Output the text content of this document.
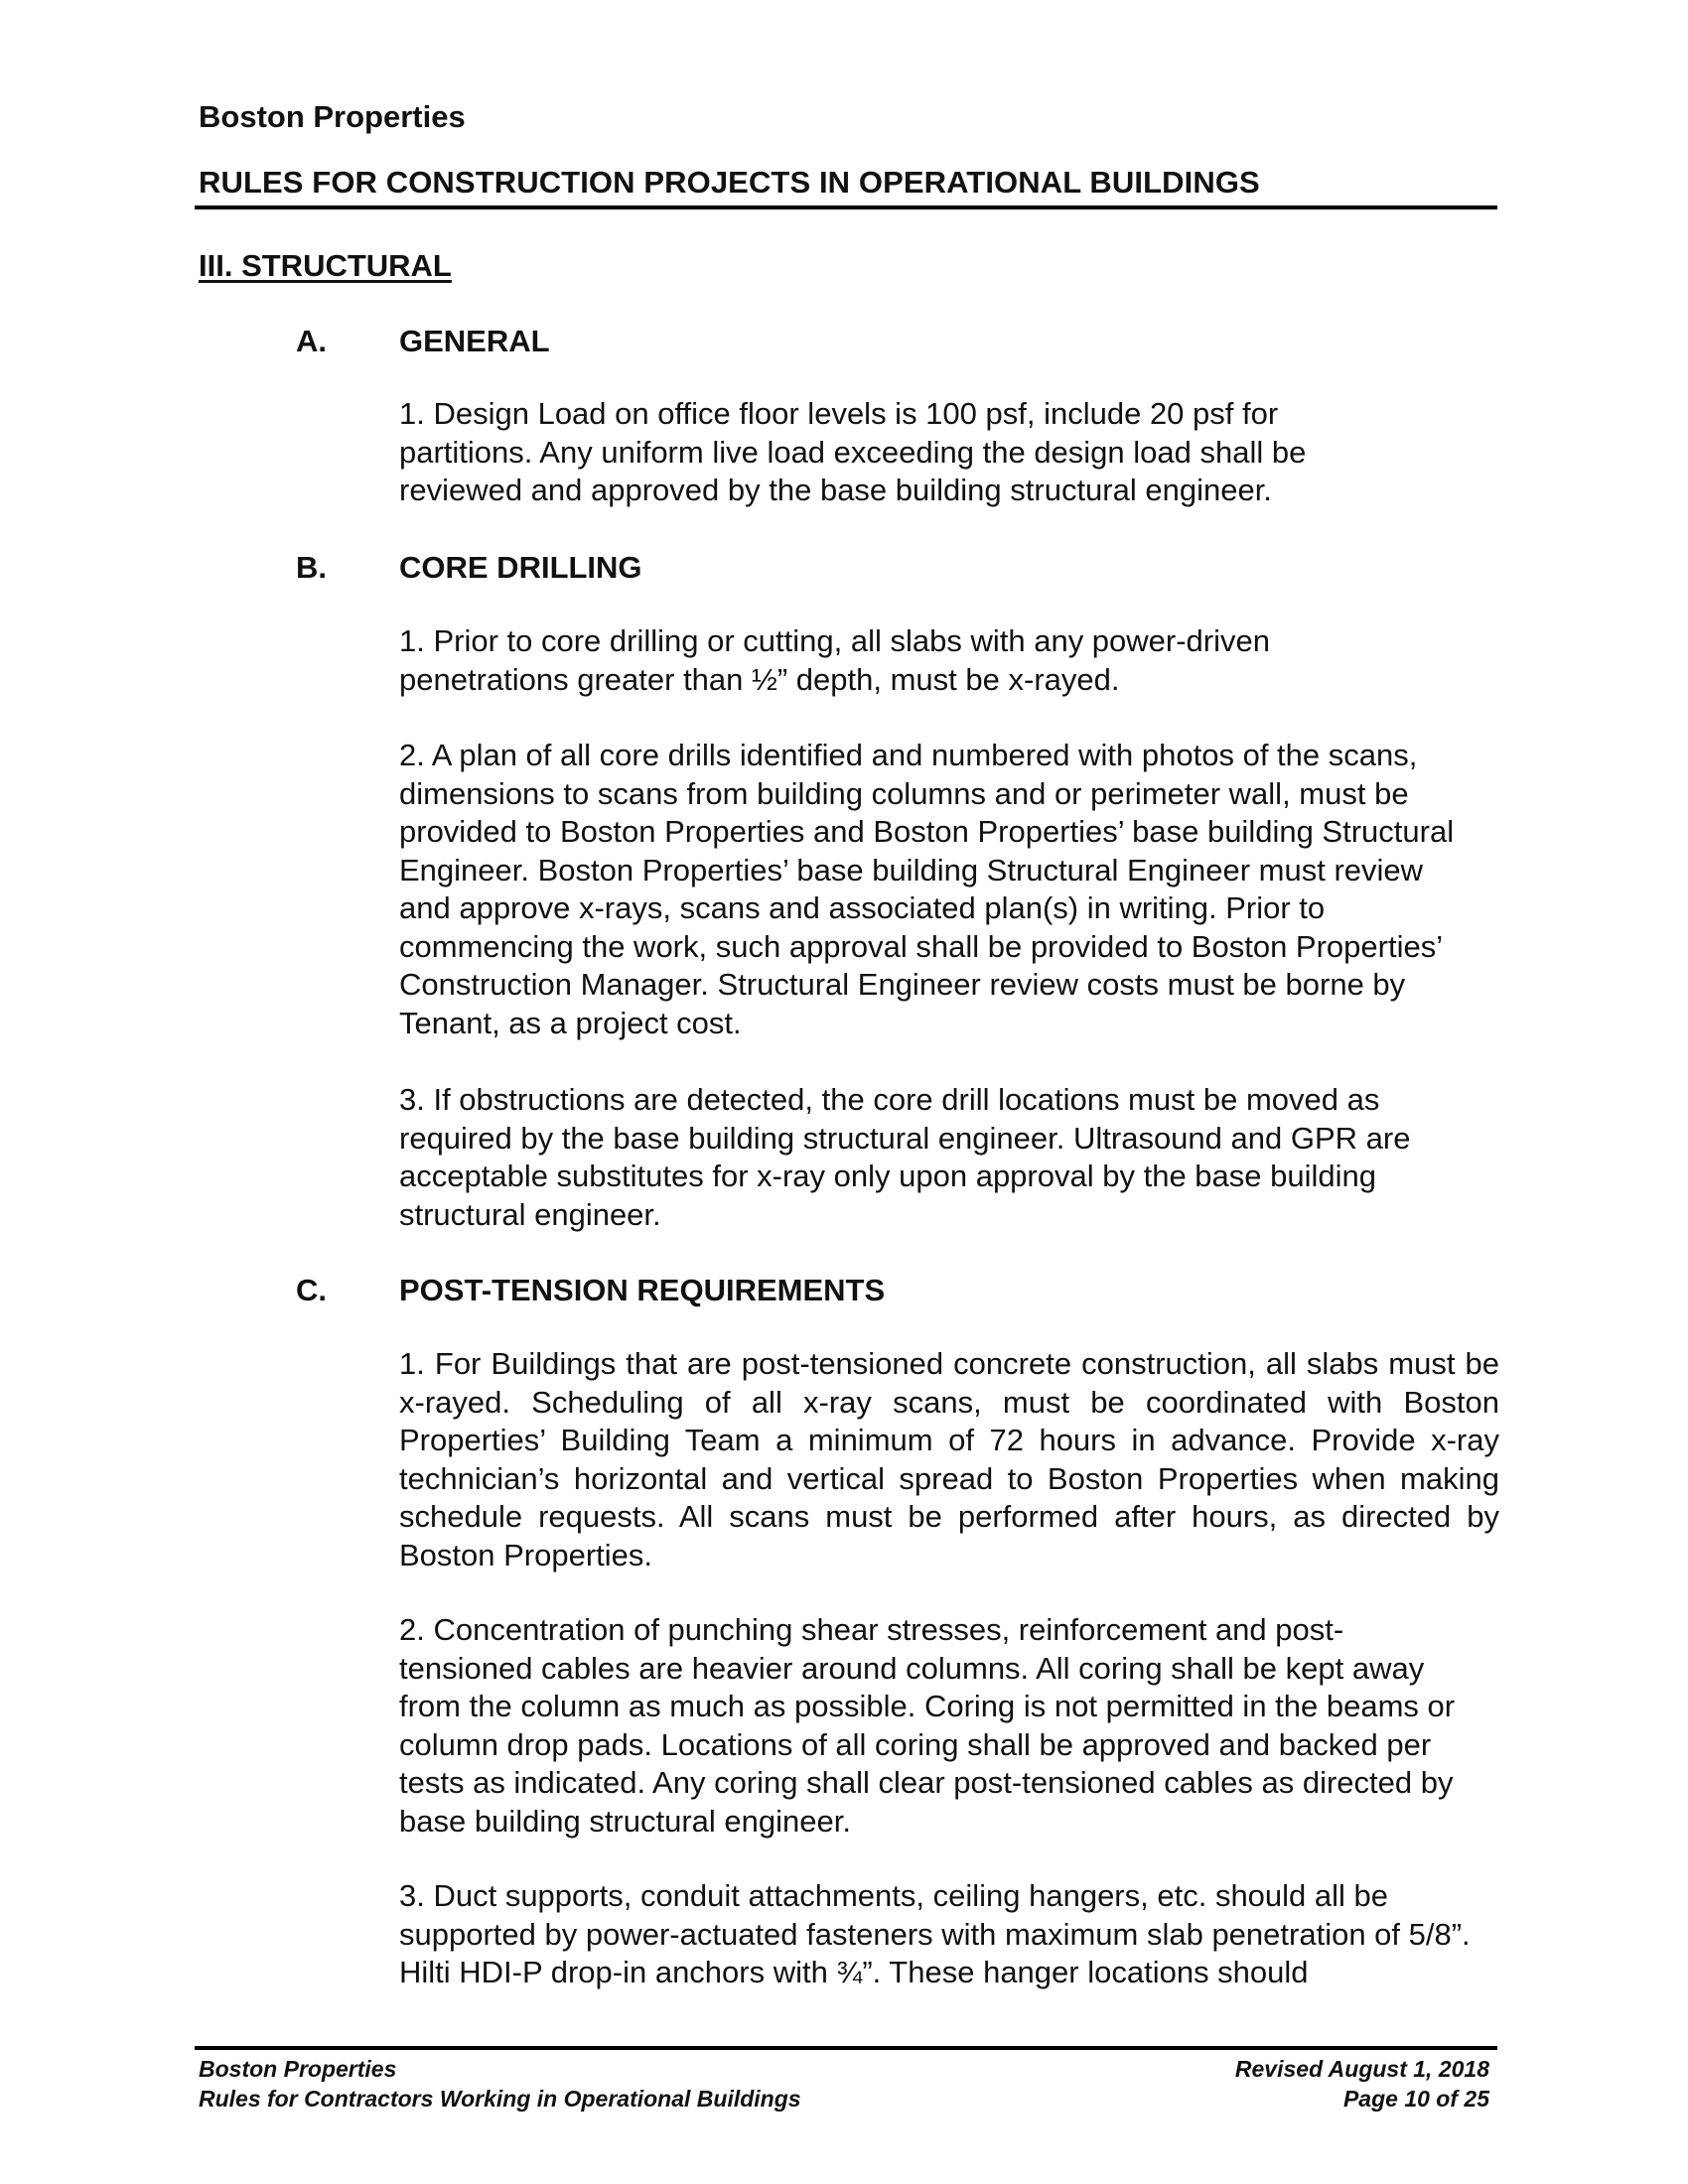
Boston Properties
RULES FOR CONSTRUCTION PROJECTS IN OPERATIONAL BUILDINGS
III. STRUCTURAL
A. GENERAL

1. Design Load on office floor levels is 100 psf, include 20 psf for partitions. Any uniform live load exceeding the design load shall be reviewed and approved by the base building structural engineer.

B. CORE DRILLING

1. Prior to core drilling or cutting, all slabs with any power-driven penetrations greater than ½” depth, must be x-rayed.

2. A plan of all core drills identified and numbered with photos of the scans, dimensions to scans from building columns and or perimeter wall, must be provided to Boston Properties and Boston Properties’ base building Structural Engineer. Boston Properties’ base building Structural Engineer must review and approve x-rays, scans and associated plan(s) in writing. Prior to commencing the work, such approval shall be provided to Boston Properties’ Construction Manager. Structural Engineer review costs must be borne by Tenant, as a project cost.

3. If obstructions are detected, the core drill locations must be moved as required by the base building structural engineer. Ultrasound and GPR are acceptable substitutes for x-ray only upon approval by the base building structural engineer.

C. POST-TENSION REQUIREMENTS

1. For Buildings that are post-tensioned concrete construction, all slabs must be x-rayed. Scheduling of all x-ray scans, must be coordinated with Boston Properties’ Building Team a minimum of 72 hours in advance. Provide x-ray technician’s horizontal and vertical spread to Boston Properties when making schedule requests. All scans must be performed after hours, as directed by Boston Properties.

2. Concentration of punching shear stresses, reinforcement and post-tensioned cables are heavier around columns. All coring shall be kept away from the column as much as possible. Coring is not permitted in the beams or column drop pads. Locations of all coring shall be approved and backed per tests as indicated. Any coring shall clear post-tensioned cables as directed by base building structural engineer.

3. Duct supports, conduit attachments, ceiling hangers, etc. should all be supported by power-actuated fasteners with maximum slab penetration of 5/8”. Hilti HDI-P drop-in anchors with ¾”. These hanger locations should

Boston Properties
Rules for Contractors Working in Operational Buildings
Revised August 1, 2018
Page 10 of 25
